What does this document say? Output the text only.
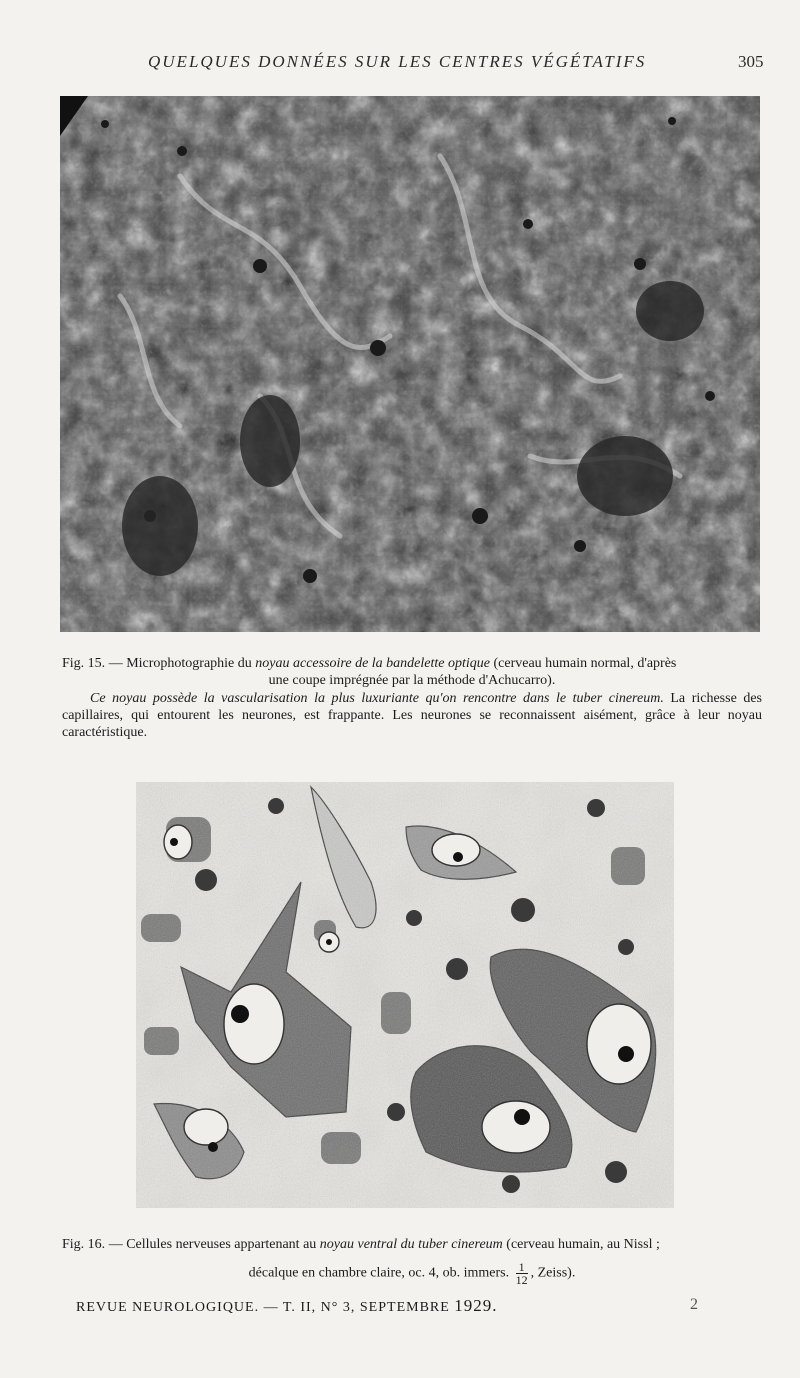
QUELQUES DONNÉES SUR LES CENTRES VÉGÉTATIFS	305
Fig. 15. — Microphotographie du noyau accessoire de la bandelette optique (cerveau humain normal, d'après
une coupe imprégnée par la méthode d'Achucarro).
Ce noyau possède la vascularisation la plus luxuriante qu'on rencontre dans le tuber cinereum. La richesse des capillaires, qui entourent les neurones, est frappante. Les neurones se reconnaissent aisément, grâce à leur noyau caractéristique.
Fig. 16. — Cellules nerveuses appartenant au noyau ventral du tuber cinereum (cerveau humain, au Nissl ;
décalque en chambre claire, oc. 4, ob. immers. $\frac{1}{12}$ , Zeiss).
REVUE NEUROLOGIQUE. — T. II, N° 3, SEPTEMBRE 1929.	2
